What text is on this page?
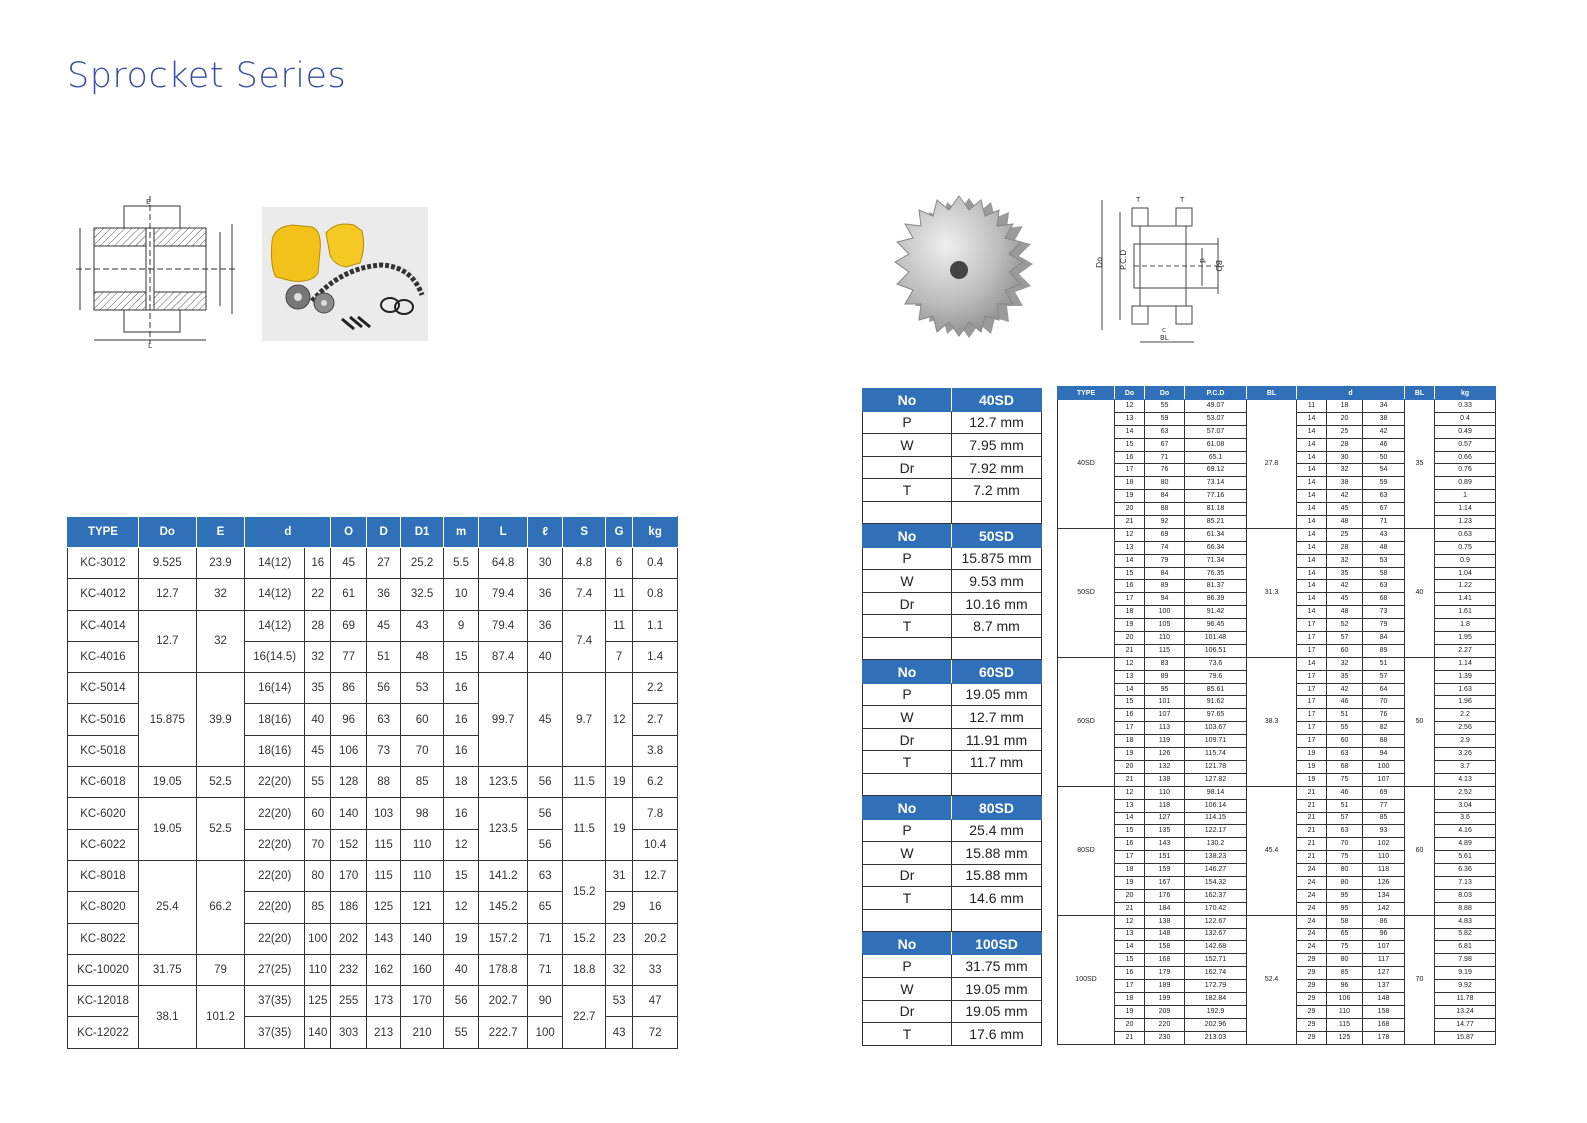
Sprocket Series
E
L
Do P.C.D	d BD
c
BL
T	T
TYPE	Do	E	d		O	D	D1	m	L	ℓ	S	G	kg
KC-3012	9.525	23.9	14(12)	16	45	27	25.2	5.5	64.8	30	4.8	6	0.4
KC-4012	12.7	32	14(12)	22	61	36	32.5	10	79.4	36	7.4	11	0.8
KC-4014	12.7	32	14(12)	28	69	45	43	9	79.4	36	7.4	11	1.1
KC-4016			16(14.5)	32	77	51	48	15	87.4	40		7	1.4
KC-5014	15.875	39.9	16(14)	35	86	56	53	16	99.7	45	9.7	12	2.2
KC-5016			18(16)	40	96	63	60	16					2.7
KC-5018			18(16)	45	106	73	70	16					3.8
KC-6018	19.05	52.5	22(20)	55	128	88	85	18	123.5	56	11.5	19	6.2
KC-6020	19.05	52.5	22(20)	60	140	103	98	16	123.5	56	11.5	19	7.8
KC-6022			22(20)	70	152	115	110	12		56			10.4
KC-8018	25.4	66.2	22(20)	80	170	115	110	15	141.2	63	15.2	31	12.7
KC-8020			22(20)	85	186	125	121	12	145.2	65		29	16
KC-8022			22(20)	100	202	143	140	19	157.2	71	15.2	23	20.2
KC-10020	31.75	79	27(25)	110	232	162	160	40	178.8	71	18.8	32	33
KC-12018	38.1	101.2	37(35)	125	255	173	170	56	202.7	90	22.7	53	47
KC-12022			37(35)	140	303	213	210	55	222.7	100		43	72
No	40SD
P	12.7 mm
W	7.95 mm
Dr	7.92 mm
T	7.2 mm

No	50SD
P	15.875 mm
W	9.53 mm
Dr	10.16 mm
T	8.7 mm

No	60SD
P	19.05 mm
W	12.7 mm
Dr	11.91 mm
T	11.7 mm

No	80SD
P	25.4 mm
W	15.88 mm
Dr	15.88 mm
T	14.6 mm

No	100SD
P	31.75 mm
W	19.05 mm
Dr	19.05 mm
T	17.6 mm
TYPE	Do	Do	P.C.D	BL	d			BL	kg
40SD	12	55	49.07	27.8	11	18	34	35	0.33
	13	59	53.07		14	20	38		0.4
	14	63	57.07		14	25	42		0.49
	15	67	61.08		14	28	46		0.57
	16	71	65.1		14	30	50		0.66
	17	76	69.12		14	32	54		0.76
	18	80	73.14		14	38	59		0.89
	19	84	77.16		14	42	63		1
	20	88	81.18		14	45	67		1.14
	21	92	85.21		14	48	71		1.23
50SD	12	69	61.34	31.3	14	25	43	40	0.63
	13	74	66.34		14	28	48		0.75
	14	79	71.34		14	32	53		0.9
	15	84	76.35		14	35	58		1.04
	16	89	81.37		14	42	63		1.22
	17	94	86.39		14	45	68		1.41
	18	100	91.42		14	48	73		1.61
	19	105	96.45		17	52	79		1.8
	20	110	101.48		17	57	84		1.95
	21	115	106.51		17	60	89		2.27
60SD	12	83	73.6	38.3	14	32	51	50	1.14
	13	89	79.6		17	35	57		1.39
	14	95	85.61		17	42	64		1.63
	15	101	91.62		17	46	70		1.96
	16	107	97.65		17	51	76		2.2
	17	113	103.67		17	55	82		2.56
	18	119	109.71		17	60	88		2.9
	19	126	115.74		19	63	94		3.26
	20	132	121.78		19	68	100		3.7
	21	138	127.82		19	75	107		4.13
80SD	12	110	98.14	45.4	21	46	69	60	2.52
	13	118	106.14		21	51	77		3.04
	14	127	114.15		21	57	85		3.6
	15	135	122.17		21	63	93		4.16
	16	143	130.2		21	70	102		4.89
	17	151	138.23		21	75	110		5.61
	18	159	146.27		24	80	118		6.36
	19	167	154.32		24	80	126		7.13
	20	176	162.37		24	95	134		8.03
	21	184	170.42		24	95	142		8.88
100SD	12	138	122.67	52.4	24	58	86	70	4.83
	13	148	132.67		24	65	96		5.82
	14	158	142.68		24	75	107		6.81
	15	168	152.71		29	80	117		7.98
	16	179	162.74		29	85	127		9.19
	17	189	172.79		29	96	137		9.92
	18	199	182.84		29	106	148		11.78
	19	209	192.9		29	110	158		13.24
	20	220	202.96		29	115	168		14.77
	21	230	213.03		29	125	178		15.87
